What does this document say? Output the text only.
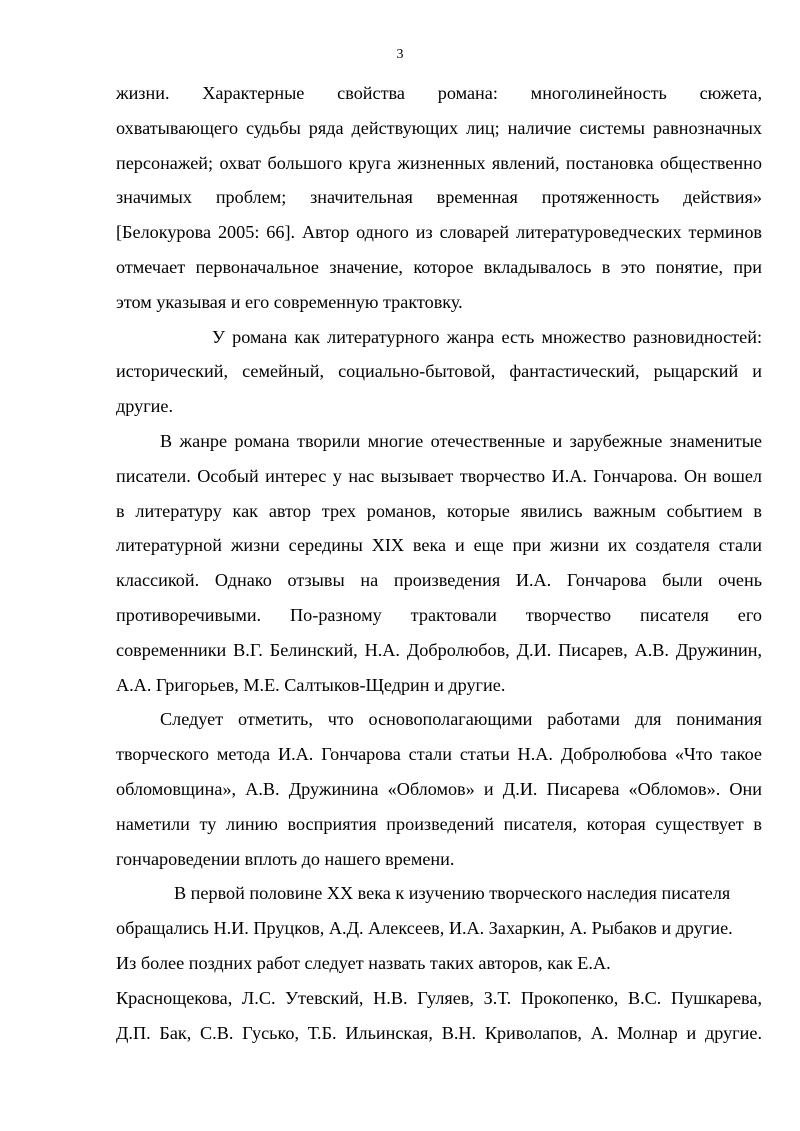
3
жизни. Характерные свойства романа: многолинейность сюжета,
охватывающего судьбы ряда действующих лиц; наличие системы равнозначных
персонажей; охват большого круга жизненных явлений, постановка общественно
значимых проблем; значительная временная протяженность действия»
[Белокурова 2005: 66]. Автор одного из словарей литературоведческих терминов
отмечает первоначальное значение, которое вкладывалось в это понятие, при
этом указывая и его современную трактовку.
У романа как литературного жанра есть множество разновидностей:
исторический, семейный, социально-бытовой, фантастический, рыцарский и
другие.
В жанре романа творили многие отечественные и зарубежные знаменитые
писатели. Особый интерес у нас вызывает творчество И.А. Гончарова. Он вошел
в литературу как автор трех романов, которые явились важным событием в
литературной жизни середины XIX века и еще при жизни их создателя стали
классикой. Однако отзывы на произведения И.А. Гончарова были очень
противоречивыми. По-разному трактовали творчество писателя его
современники В.Г. Белинский, Н.А. Добролюбов, Д.И. Писарев, А.В. Дружинин,
А.А. Григорьев, М.Е. Салтыков-Щедрин и другие.
Следует отметить, что основополагающими работами для понимания
творческого метода И.А. Гончарова стали статьи Н.А. Добролюбова «Что такое
обломовщина», А.В. Дружинина «Обломов» и Д.И. Писарева «Обломов». Они
наметили ту линию восприятия произведений писателя, которая существует в
гончароведении вплоть до нашего времени.
В первой половине XX века к изучению творческого наследия писателя
обращались Н.И. Пруцков, А.Д. Алексеев, И.А. Захаркин, А. Рыбаков и другие.
Из более поздних работ следует назвать таких авторов, как Е.А.
Краснощекова, Л.С. Утевский, Н.В. Гуляев, З.Т. Прокопенко, В.С. Пушкарева,
Д.П. Бак, С.В. Гусько, Т.Б. Ильинская, В.Н. Криволапов, А. Молнар и другие.
